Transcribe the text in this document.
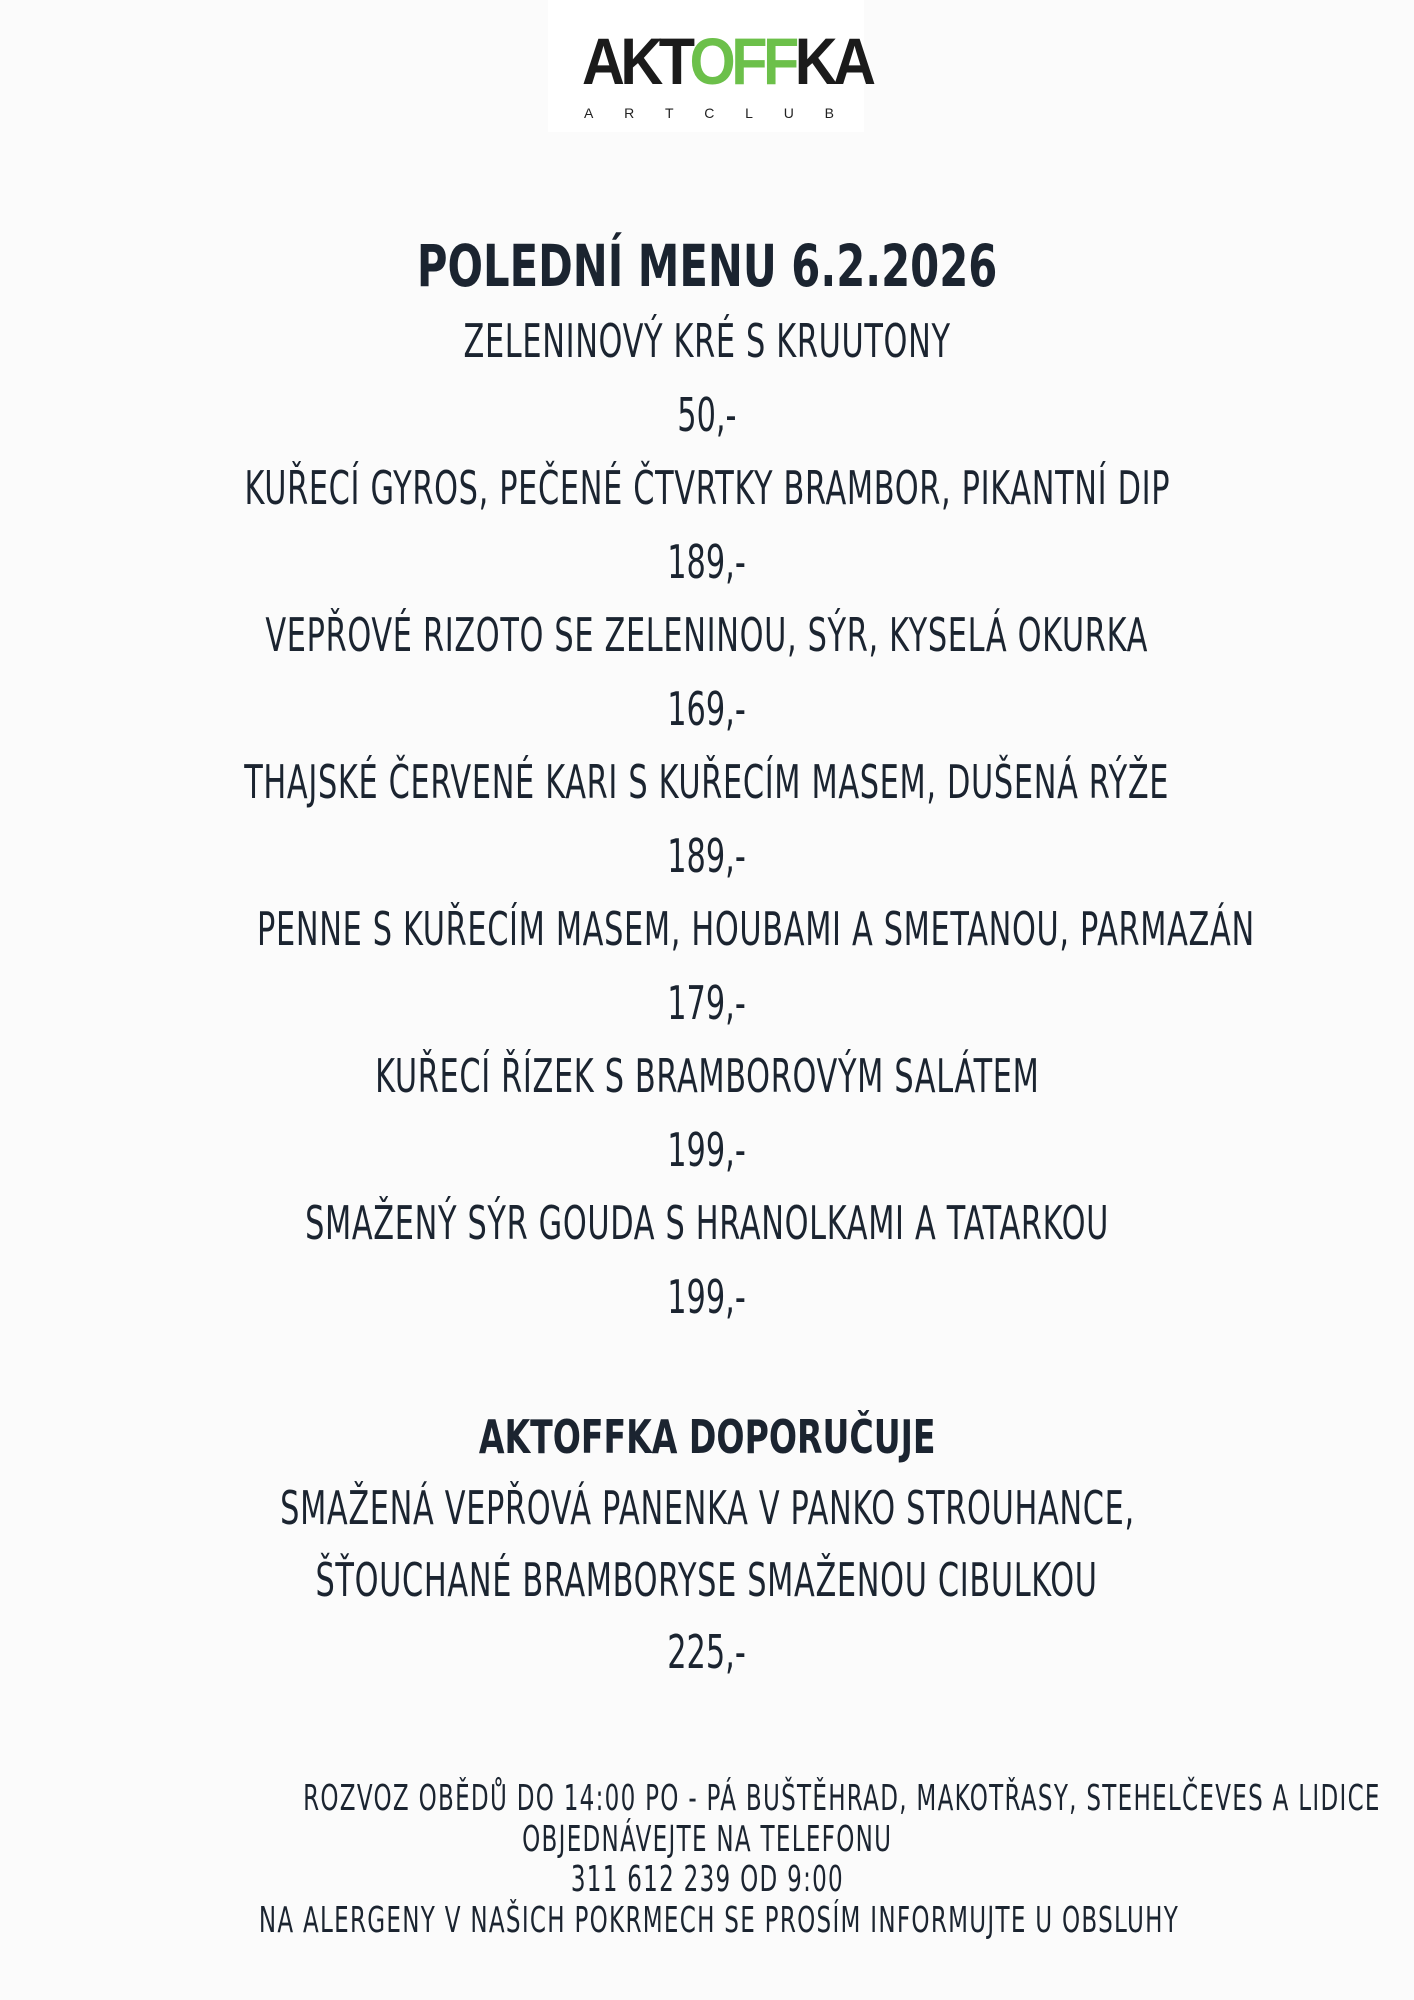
AKTOFFKA
A R T C L U B
POLEDNÍ MENU 6.2.2026
ZELENINOVÝ KRÉ S KRUUTONY
50,-
KUŘECÍ GYROS, PEČENÉ ČTVRTKY BRAMBOR, PIKANTNÍ DIP
189,-
VEPŘOVÉ RIZOTO SE ZELENINOU, SÝR, KYSELÁ OKURKA
169,-
THAJSKÉ ČERVENÉ KARI S KUŘECÍM MASEM, DUŠENÁ RÝŽE
189,-
PENNE S KUŘECÍM MASEM, HOUBAMI A SMETANOU, PARMAZÁN
179,-
KUŘECÍ ŘÍZEK S BRAMBOROVÝM SALÁTEM
199,-
SMAŽENÝ SÝR GOUDA S HRANOLKAMI A TATARKOU
199,-
AKTOFFKA DOPORUČUJE
SMAŽENÁ VEPŘOVÁ PANENKA V PANKO STROUHANCE,
ŠŤOUCHANÉ BRAMBORYSE SMAŽENOU CIBULKOU
225,-
ROZVOZ OBĚDŮ DO 14:00 PO - PÁ BUŠTĚHRAD, MAKOTŘASY, STEHELČEVES A LIDICE
OBJEDNÁVEJTE NA TELEFONU
311 612 239 OD 9:00
NA ALERGENY V NAŠICH POKRMECH SE PROSÍM INFORMUJTE U OBSLUHY
